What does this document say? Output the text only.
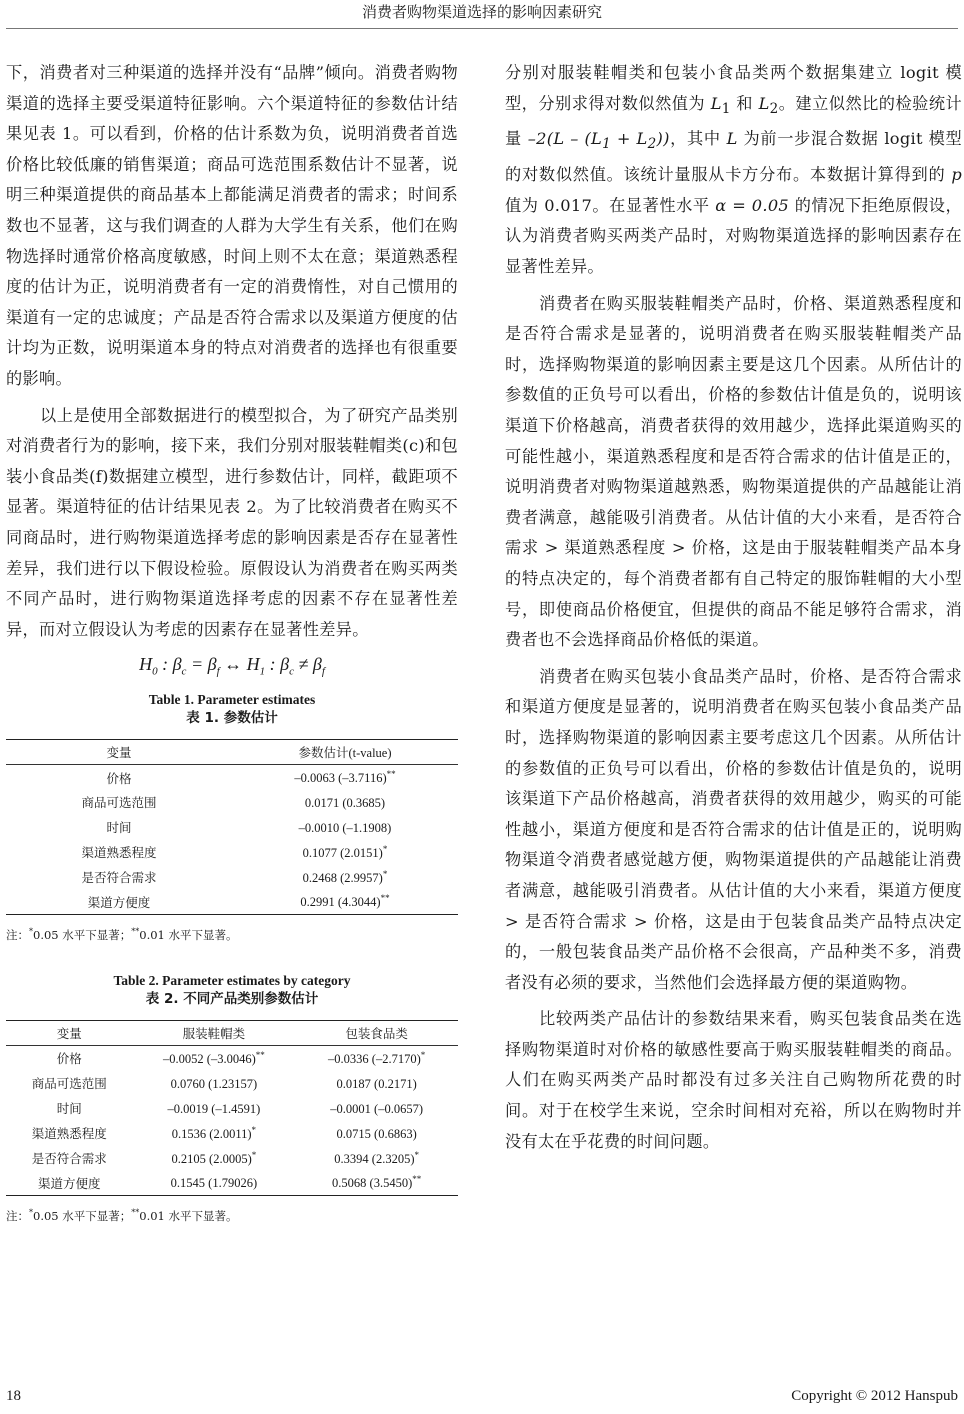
消费者购物渠道选择的影响因素研究

下，消费者对三种渠道的选择并没有“品牌”倾向。消费者购物渠道的选择主要受渠道特征影响。六个渠道特征的参数估计结果见表 1。可以看到，价格的估计系数为负，说明消费者首选价格比较低廉的销售渠道；商品可选范围系数估计不显著，说明三种渠道提供的商品基本上都能满足消费者的需求；时间系数也不显著，这与我们调查的人群为大学生有关系，他们在购物选择时通常价格高度敏感，时间上则不太在意；渠道熟悉程度的估计为正，说明消费者有一定的消费惰性，对自己惯用的渠道有一定的忠诚度；产品是否符合需求以及渠道方便度的估计均为正数，说明渠道本身的特点对消费者的选择也有很重要的影响。

以上是使用全部数据进行的模型拟合，为了研究产品类别对消费者行为的影响，接下来，我们分别对服装鞋帽类(c)和包装小食品类(f)数据建立模型，进行参数估计，同样，截距项不显著。渠道特征的估计结果见表 2。为了比较消费者在购买不同商品时，进行购物渠道选择考虑的影响因素是否存在显著性差异，我们进行以下假设检验。原假设认为消费者在购买两类不同产品时，进行购物渠道选择考虑的因素不存在显著性差异，而对立假设认为考虑的因素存在显著性差异。

$H_0$ : $\beta_c = \beta_f$ ↔ $H_1$ : $\beta_c \ne \beta_f$
Table 1. Parameter estimates
表 1. 参数估计
变量	参数估计(t-value)
价格	–0.0063 (–3.7116)**
商品可选范围	0.0171 (0.3685)
时间	–0.0010 (–1.1908)
渠道熟悉程度	0.1077 (2.0151)*
是否符合需求	0.2468 (2.9957)*
渠道方便度	0.2991 (4.3044)**
注：*0.05 水平下显著；**0.01 水平下显著。
Table 2. Parameter estimates by category
表 2. 不同产品类别参数估计
变量	服装鞋帽类	包装食品类
价格	–0.0052 (–3.0046)**	–0.0336 (–2.7170)*
商品可选范围	0.0760 (1.23157)	0.0187 (0.2171)
时间	–0.0019 (–1.4591)	–0.0001 (–0.0657)
渠道熟悉程度	0.1536 (2.0011)*	0.0715 (0.6863)
是否符合需求	0.2105 (2.0005)*	0.3394 (2.3205)*
渠道方便度	0.1545 (1.79026)	0.5068 (3.5450)**
注：*0.05 水平下显著；**0.01 水平下显著。

分别对服装鞋帽类和包装小食品类两个数据集建立 logit 模型，分别求得对数似然值为 $L_1$ 和 $L_2$。建立似然比的检验统计量 $-2(L - (L_1 + L_2))$，其中 L 为前一步混合数据 logit 模型的对数似然值。该统计量服从卡方分布。本数据计算得到的 p 值为 0.017。在显著性水平 α = 0.05 的情况下拒绝原假设，认为消费者购买两类产品时，对购物渠道选择的影响因素存在显著性差异。

消费者在购买服装鞋帽类产品时，价格、渠道熟悉程度和是否符合需求是显著的，说明消费者在购买服装鞋帽类产品时，选择购物渠道的影响因素主要是这几个因素。从所估计的参数值的正负号可以看出，价格的参数估计值是负的，说明该渠道下价格越高，消费者获得的效用越少，选择此渠道购买的可能性越小，渠道熟悉程度和是否符合需求的估计值是正的，说明消费者对购物渠道越熟悉，购物渠道提供的产品越能让消费者满意，越能吸引消费者。从估计值的大小来看，是否符合需求 > 渠道熟悉程度 > 价格，这是由于服装鞋帽类产品本身的特点决定的，每个消费者都有自己特定的服饰鞋帽的大小型号，即使商品价格便宜，但提供的商品不能足够符合需求，消费者也不会选择商品价格低的渠道。

消费者在购买包装小食品类产品时，价格、是否符合需求和渠道方便度是显著的，说明消费者在购买包装小食品类产品时，选择购物渠道的影响因素主要考虑这几个因素。从所估计的参数值的正负号可以看出，价格的参数估计值是负的，说明该渠道下产品价格越高，消费者获得的效用越少，购买的可能性越小，渠道方便度和是否符合需求的估计值是正的，说明购物渠道令消费者感觉越方便，购物渠道提供的产品越能让消费者满意，越能吸引消费者。从估计值的大小来看，渠道方便度 > 是否符合需求 > 价格，这是由于包装食品类产品特点决定的，一般包装食品类产品价格不会很高，产品种类不多，消费者没有必须的要求，当然他们会选择最方便的渠道购物。

比较两类产品估计的参数结果来看，购买包装食品类在选择购物渠道时对价格的敏感性要高于购买服装鞋帽类的商品。人们在购买两类产品时都没有过多关注自己购物所花费的时间。对于在校学生来说，空余时间相对充裕，所以在购物时并没有太在乎花费的时间问题。

18	Copyright © 2012 Hanspub
